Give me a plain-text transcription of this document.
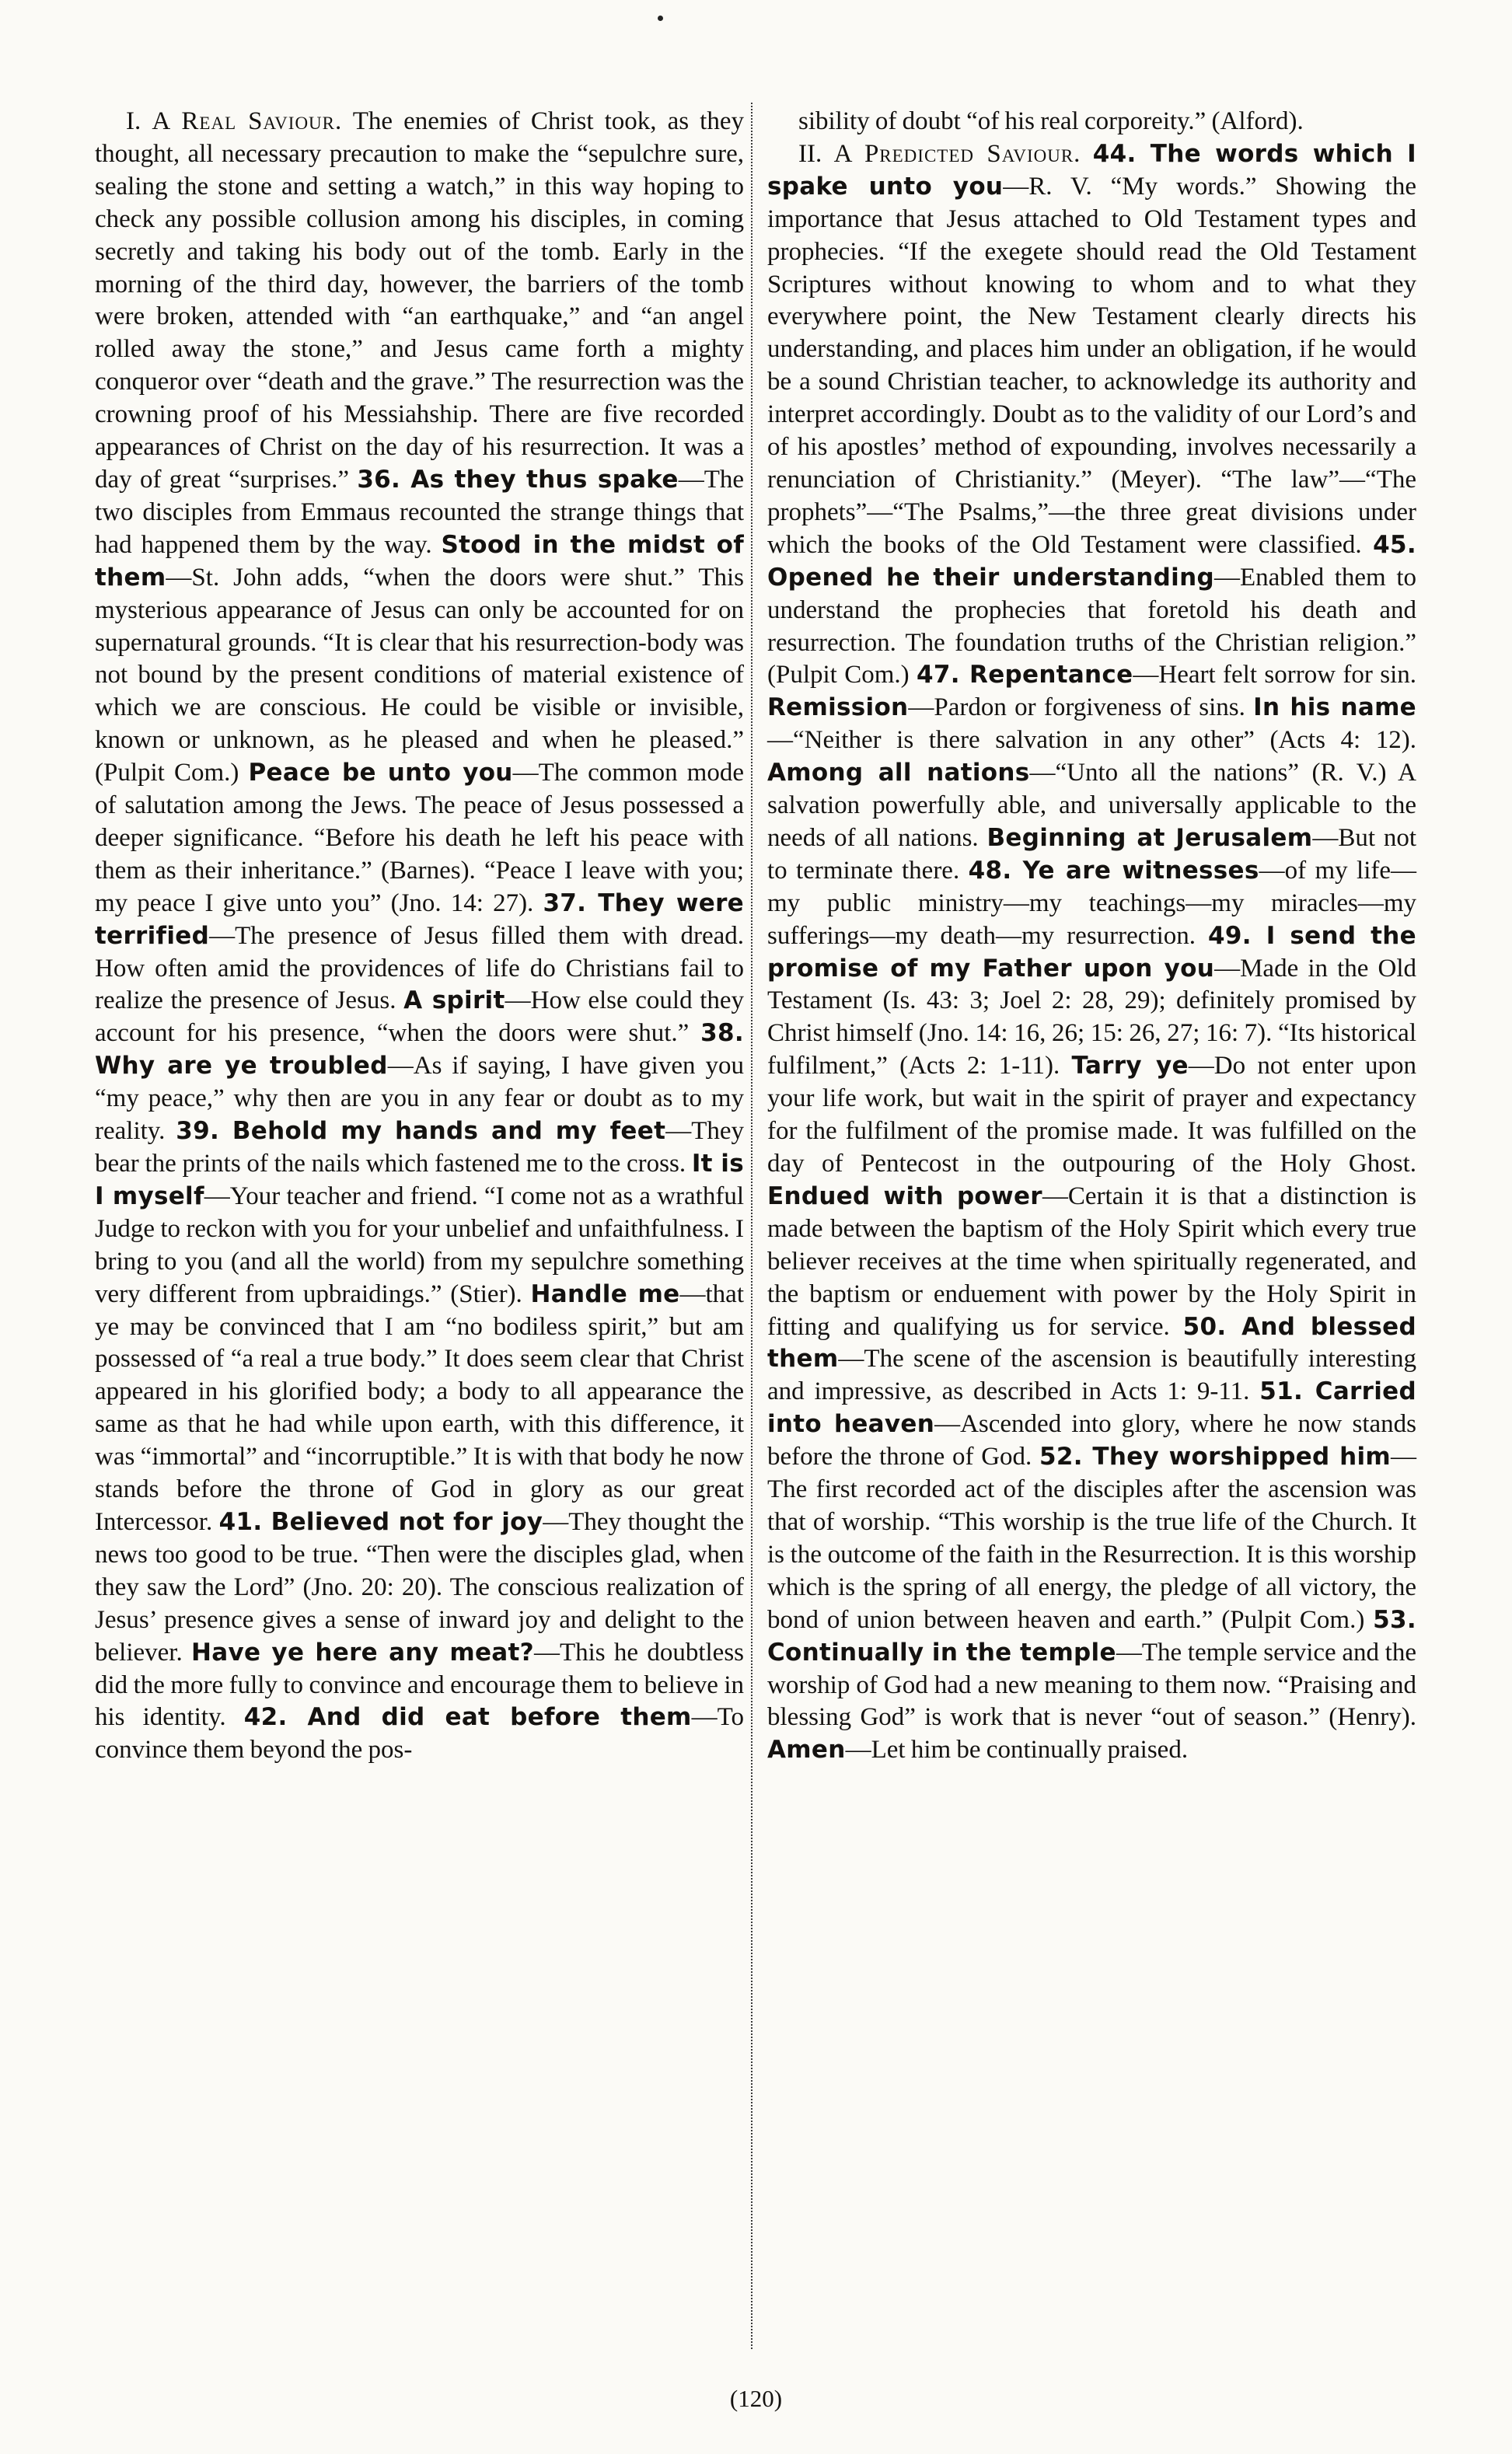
I. A Real Saviour. The enemies of Christ took, as they thought, all necessary precaution to make the “sepulchre sure, sealing the stone and setting a watch,” in this way hoping to check any possible collusion among his disciples, in coming secretly and taking his body out of the tomb. Early in the morning of the third day, however, the barriers of the tomb were broken, attended with “an earthquake,” and “an angel rolled away the stone,” and Jesus came forth a mighty conqueror over “death and the grave.” The resurrection was the crowning proof of his Messiahship. There are five recorded appearances of Christ on the day of his resurrection. It was a day of great “surprises.” 36. As they thus spake—The two disciples from Emmaus recounted the strange things that had happened them by the way. Stood in the midst of them—St. John adds, “when the doors were shut.” This mysterious appearance of Jesus can only be accounted for on supernatural grounds. “It is clear that his resurrection-body was not bound by the present conditions of material existence of which we are conscious. He could be visible or invisible, known or unknown, as he pleased and when he pleased.” (Pulpit Com.) Peace be unto you—The common mode of salutation among the Jews. The peace of Jesus possessed a deeper significance. “Before his death he left his peace with them as their inheritance.” (Barnes). “Peace I leave with you; my peace I give unto you” (Jno. 14: 27). 37. They were terrified—The presence of Jesus filled them with dread. How often amid the providences of life do Christians fail to realize the presence of Jesus. A spirit—How else could they account for his presence, “when the doors were shut.” 38. Why are ye troubled—As if saying, I have given you “my peace,” why then are you in any fear or doubt as to my reality. 39. Behold my hands and my feet—They bear the prints of the nails which fastened me to the cross. It is I myself—Your teacher and friend. “I come not as a wrathful Judge to reckon with you for your unbelief and unfaithfulness. I bring to you (and all the world) from my sepulchre something very different from upbraidings.” (Stier). Handle me—that ye may be convinced that I am “no bodiless spirit,” but am possessed of “a real a true body.” It does seem clear that Christ appeared in his glorified body; a body to all appearance the same as that he had while upon earth, with this difference, it was “immortal” and “incorruptible.” It is with that body he now stands before the throne of God in glory as our great Intercessor. 41. Believed not for joy—They thought the news too good to be true. “Then were the disciples glad, when they saw the Lord” (Jno. 20: 20). The conscious realization of Jesus’ presence gives a sense of inward joy and delight to the believer. Have ye here any meat?—This he doubtless did the more fully to convince and encourage them to believe in his identity. 42. And did eat before them—To convince them beyond the pos-

sibility of doubt “of his real corporeity.” (Alford).

II. A Predicted Saviour. 44. The words which I spake unto you—R. V. “My words.” Showing the importance that Jesus attached to Old Testament types and prophecies. “If the exegete should read the Old Testament Scriptures without knowing to whom and to what they everywhere point, the New Testament clearly directs his understanding, and places him under an obligation, if he would be a sound Christian teacher, to acknowledge its authority and interpret accordingly. Doubt as to the validity of our Lord’s and of his apostles’ method of expounding, involves necessarily a renunciation of Christianity.” (Meyer). “The law”—“The prophets”—“The Psalms,”—the three great divisions under which the books of the Old Testament were classified. 45. Opened he their understanding—Enabled them to understand the prophecies that foretold his death and resurrection. The foundation truths of the Christian religion.” (Pulpit Com.) 47. Repentance—Heart felt sorrow for sin. Remission—Pardon or forgiveness of sins. In his name—“Neither is there salvation in any other” (Acts 4: 12). Among all nations—“Unto all the nations” (R. V.) A salvation powerfully able, and universally applicable to the needs of all nations. Beginning at Jerusalem—But not to terminate there. 48. Ye are witnesses—of my life—my public ministry—my teachings—my miracles—my sufferings—my death—my resurrection. 49. I send the promise of my Father upon you—Made in the Old Testament (Is. 43: 3; Joel 2: 28, 29); definitely promised by Christ himself (Jno. 14: 16, 26; 15: 26, 27; 16: 7). “Its historical fulfilment,” (Acts 2: 1-11). Tarry ye—Do not enter upon your life work, but wait in the spirit of prayer and expectancy for the fulfilment of the promise made. It was fulfilled on the day of Pentecost in the outpouring of the Holy Ghost. Endued with power—Certain it is that a distinction is made between the baptism of the Holy Spirit which every true believer receives at the time when spiritually regenerated, and the baptism or enduement with power by the Holy Spirit in fitting and qualifying us for service. 50. And blessed them—The scene of the ascension is beautifully interesting and impressive, as described in Acts 1: 9-11. 51. Carried into heaven—Ascended into glory, where he now stands before the throne of God. 52. They worshipped him—The first recorded act of the disciples after the ascension was that of worship. “This worship is the true life of the Church. It is the outcome of the faith in the Resurrection. It is this worship which is the spring of all energy, the pledge of all victory, the bond of union between heaven and earth.” (Pulpit Com.) 53. Continually in the temple—The temple service and the worship of God had a new meaning to them now. “Praising and blessing God” is work that is never “out of season.” (Henry). Amen—Let him be continually praised.

(120)
